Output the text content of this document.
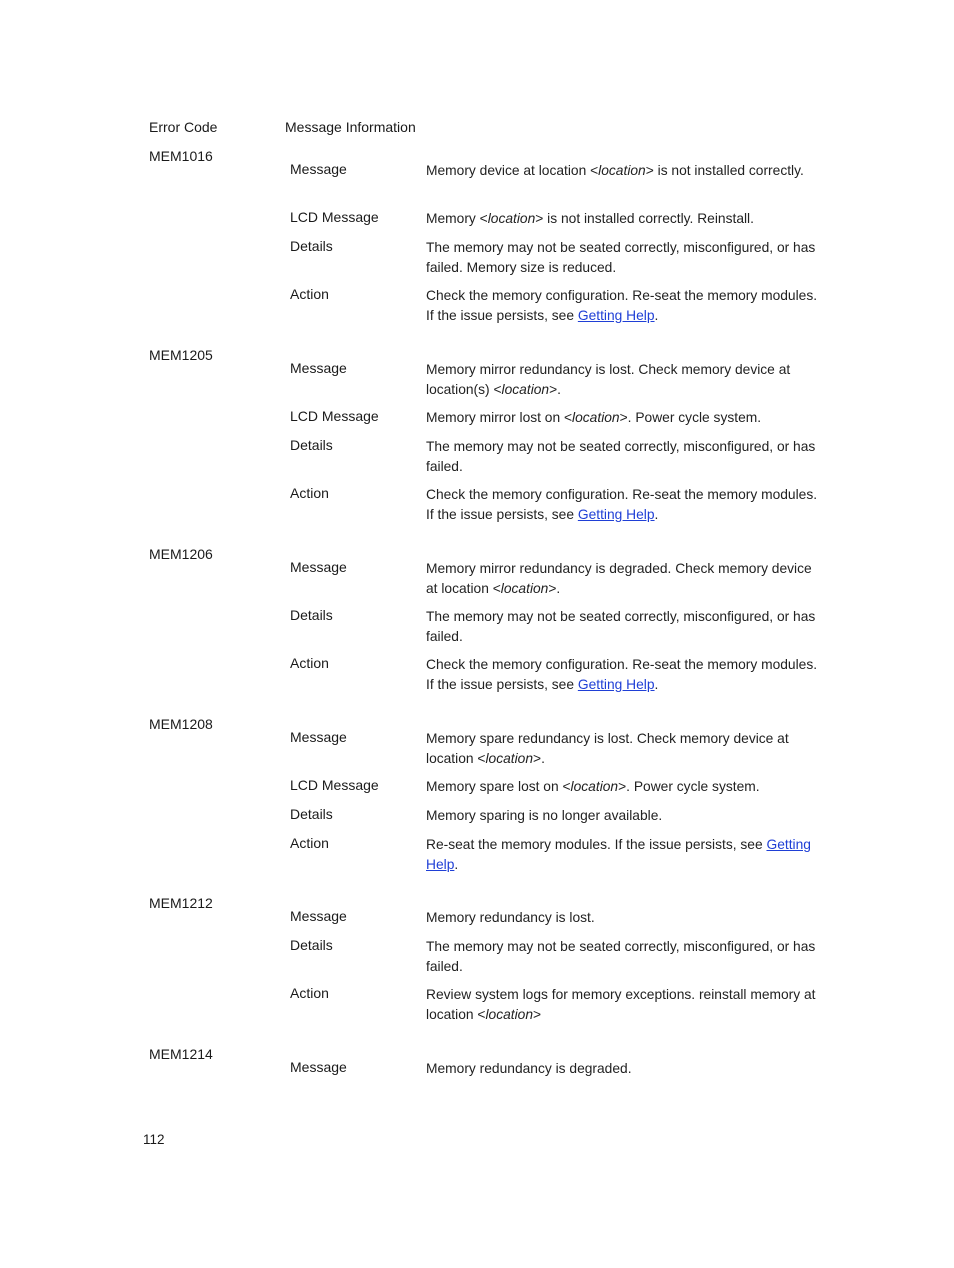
Error Code	Message Information
MEM1016
Message	Memory device at location <location> is not installed correctly.
LCD Message	Memory <location> is not installed correctly. Reinstall.
Details	The memory may not be seated correctly, misconfigured, or has failed. Memory size is reduced.
Action	Check the memory configuration. Re-seat the memory modules. If the issue persists, see Getting Help.
MEM1205
Message	Memory mirror redundancy is lost. Check memory device at location(s) <location>.
LCD Message	Memory mirror lost on <location>. Power cycle system.
Details	The memory may not be seated correctly, misconfigured, or has failed.
Action	Check the memory configuration. Re-seat the memory modules. If the issue persists, see Getting Help.
MEM1206
Message	Memory mirror redundancy is degraded. Check memory device at location <location>.
Details	The memory may not be seated correctly, misconfigured, or has failed.
Action	Check the memory configuration. Re-seat the memory modules. If the issue persists, see Getting Help.
MEM1208
Message	Memory spare redundancy is lost. Check memory device at location <location>.
LCD Message	Memory spare lost on <location>. Power cycle system.
Details	Memory sparing is no longer available.
Action	Re-seat the memory modules. If the issue persists, see Getting Help.
MEM1212
Message	Memory redundancy is lost.
Details	The memory may not be seated correctly, misconfigured, or has failed.
Action	Review system logs for memory exceptions. reinstall memory at location <location>
MEM1214
Message	Memory redundancy is degraded.
112
